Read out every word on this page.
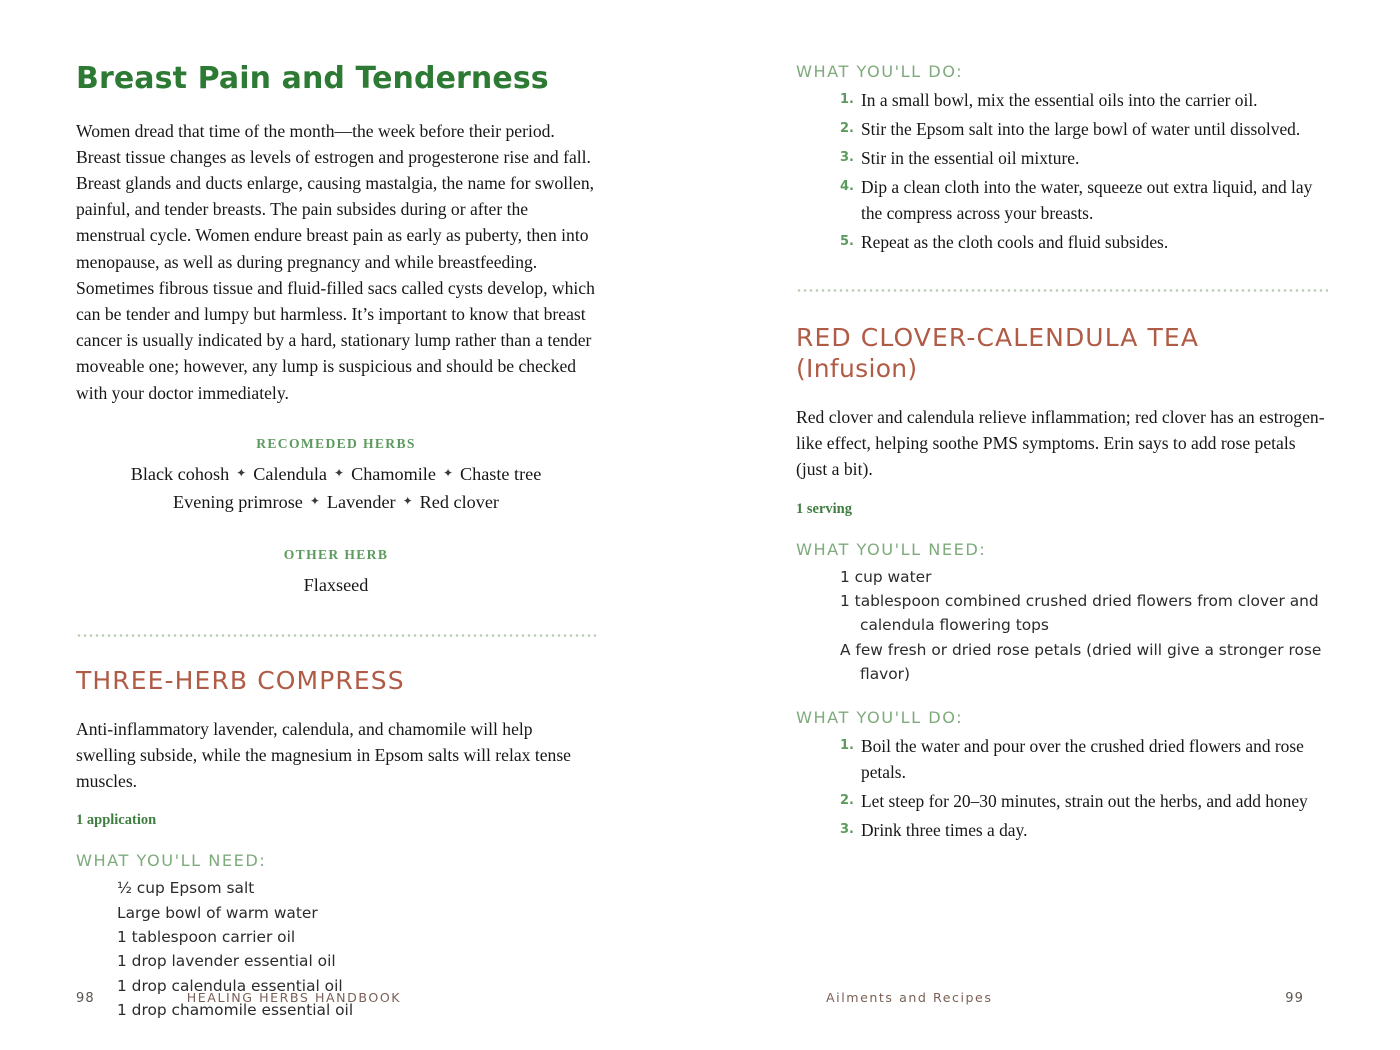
Breast Pain and Tenderness

Women dread that time of the month—the week before their period. Breast tissue changes as levels of estrogen and progesterone rise and fall. Breast glands and ducts enlarge, causing mastalgia, the name for swollen, painful, and tender breasts. The pain subsides during or after the menstrual cycle. Women endure breast pain as early as puberty, then into menopause, as well as during pregnancy and while breastfeeding. Sometimes fibrous tissue and fluid-filled sacs called cysts develop, which can be tender and lumpy but harmless. It’s important to know that breast cancer is usually indicated by a hard, stationary lump rather than a tender moveable one; however, any lump is suspicious and should be checked with your doctor immediately.

RECOMEDED HERBS
Black cohosh ✦ Calendula ✦ Chamomile ✦ Chaste tree
Evening primrose ✦ Lavender ✦ Red clover
OTHER HERB
Flaxseed
THREE-HERB COMPRESS

Anti-inflammatory lavender, calendula, and chamomile will help swelling subside, while the magnesium in Epsom salts will relax tense muscles.

1 application

WHAT YOU'LL NEED:
½ cup Epsom salt
Large bowl of warm water
1 tablespoon carrier oil
1 drop lavender essential oil
1 drop calendula essential oil
1 drop chamomile essential oil
98	HEALING HERBS HANDBOOK
WHAT YOU'LL DO:
In a small bowl, mix the essential oils into the carrier oil.
Stir the Epsom salt into the large bowl of water until dissolved.
Stir in the essential oil mixture.
Dip a clean cloth into the water, squeeze out extra liquid, and lay the compress across your breasts.
Repeat as the cloth cools and fluid subsides.
RED CLOVER-CALENDULA TEA
(Infusion)

Red clover and calendula relieve inflammation; red clover has an estrogen-like effect, helping soothe PMS symptoms. Erin says to add rose petals (just a bit).

1 serving

WHAT YOU'LL NEED:
1 cup water
1 tablespoon combined crushed dried flowers from clover and calendula flowering tops
A few fresh or dried rose petals (dried will give a stronger rose flavor)
WHAT YOU'LL DO:
Boil the water and pour over the crushed dried flowers and rose petals.
Let steep for 20–30 minutes, strain out the herbs, and add honey
Drink three times a day.
Ailments and Recipes	99
